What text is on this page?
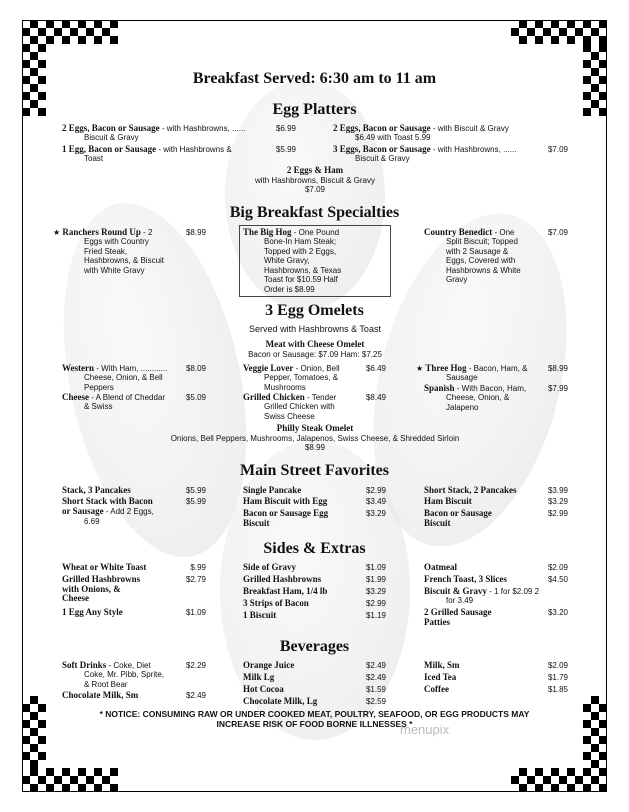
Breakfast Served: 6:30 am to 11 am
Egg Platters
2 Eggs, Bacon or Sausage - with Hashbrowns, ......
Biscuit & Gravy
$6.99
1 Egg, Bacon or Sausage - with Hashbrowns &
Toast
$5.99
2 Eggs, Bacon or Sausage - with Biscuit & Gravy
$6.49 with Toast 5.99
3 Eggs, Bacon or Sausage - with Hashbrowns, ......
Biscuit & Gravy
$7.09
2 Eggs & Ham
with Hashbrowns, Biscuit & Gravy
$7.09
Big Breakfast Specialties
★ Ranchers Round Up - 2
Eggs with Country
Fried Steak,
Hashbrowns, & Biscuit
with White Gravy
$8.99	The Big Hog - One Pound
Bone-In Ham Steak;
Topped with 2 Eggs,
White Gravy,
Hashbrowns, & Texas
Toast for $10.59 Half
Order is $8.99
Country Benedict - One
Split Biscuit; Topped
with 2 Sausage &
Eggs, Covered with
Hashbrowns & White
Gravy
$7.09
3 Egg Omelets
Served with Hashbrowns & Toast
Meat with Cheese Omelet
Bacon or Sausage: $7.09 Ham: $7.25
Western - With Ham, ............
Cheese, Onion, & Bell
Peppers
$8.09
Cheese - A Blend of Cheddar
& Swiss
$5.09
Veggie Lover - Onion, Bell
Pepper, Tomatoes, &
Mushrooms
$6.49
Grilled Chicken - Tender
Grilled Chicken with
Swiss Cheese
$8.49
★ Three Hog - Bacon, Ham, &
Sausage
$8.99
Spanish - With Bacon, Ham,
Cheese, Onion, &
Jalapeno
$7.99
Philly Steak Omelet
Onions, Bell Peppers, Mushrooms, Jalapenos, Swiss Cheese, & Shredded Sirloin
$8.99
Main Street Favorites
Stack, 3 Pancakes	$5.99
Short Stack with Bacon
or Sausage - Add 2 Eggs,
6.69
$5.99
Single Pancake	$2.99
Ham Biscuit with Egg	$3.49
Bacon or Sausage Egg
Biscuit
$3.29
Short Stack, 2 Pancakes	$3.99
Ham Biscuit	$3.29
Bacon or Sausage
Biscuit
$2.99
Sides & Extras
Wheat or White Toast	$.99
Grilled Hashbrowns
with Onions, &
Cheese
$2.79
1 Egg Any Style	$1.09
Side of Gravy	$1.09
Grilled Hashbrowns	$1.99
Breakfast Ham, 1/4 lb	$3.29
3 Strips of Bacon	$2.99
1 Biscuit	$1.19
Oatmeal	$2.09
French Toast, 3 Slices	$4.50
Biscuit & Gravy - 1 for $2.09 2
for 3.49
2 Grilled Sausage
Patties
$3.20
Beverages
Soft Drinks - Coke, Diet
Coke, Mr. Pibb, Sprite,
& Root Bear
$2.29
Chocolate Milk, Sm	$2.49
Orange Juice	$2.49
Milk Lg	$2.49
Hot Cocoa	$1.59
Chocolate Milk, Lg	$2.59
Milk, Sm	$2.09
Iced Tea	$1.79
Coffee	$1.85
* NOTICE: CONSUMING RAW OR UNDER COOKED MEAT, POULTRY, SEAFOOD, OR EGG PRODUCTS MAY
INCREASE RISK OF FOOD BORNE ILLNESSES *
menupix
